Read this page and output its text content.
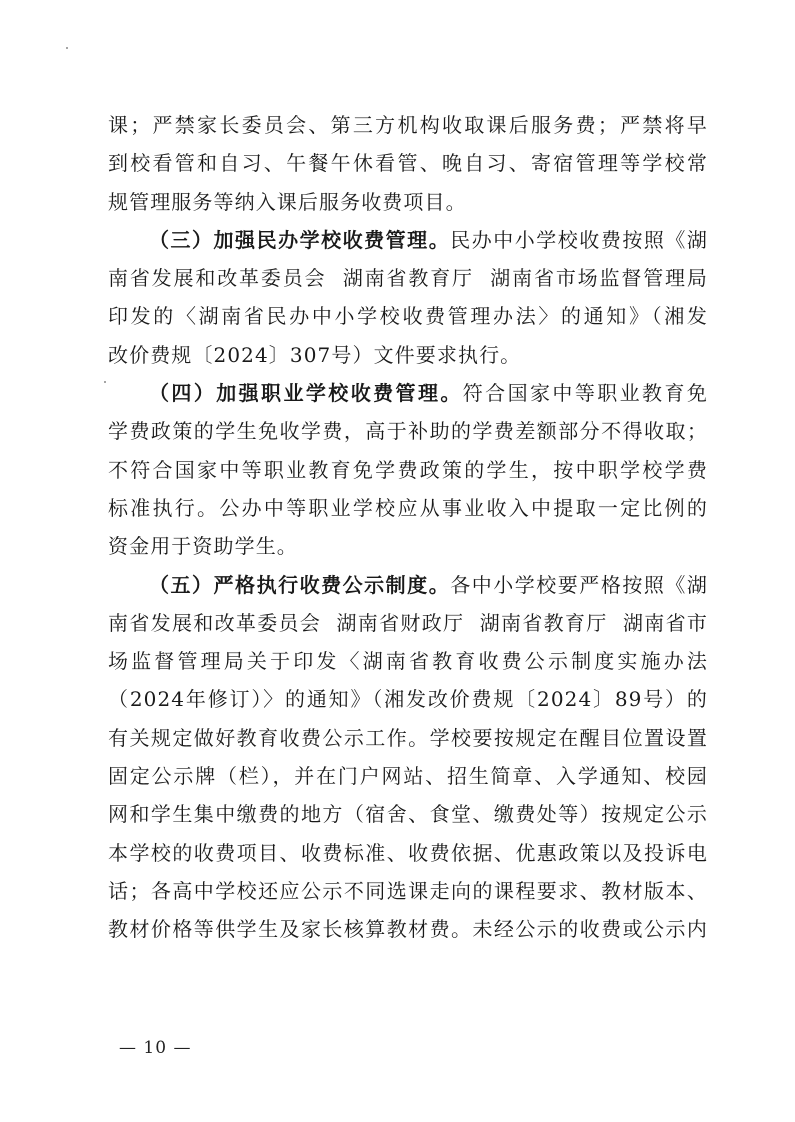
课；严禁家长委员会、第三方机构收取课后服务费；严禁将早
到校看管和自习、午餐午休看管、晚自习、寄宿管理等学校常
规管理服务等纳入课后服务收费项目。
（三）加强民办学校收费管理。民办中小学校收费按照《湖
南省发展和改革委员会  湖南省教育厅  湖南省市场监督管理局
印发的〈湖南省民办中小学校收费管理办法〉的通知》（湘发
改价费规〔2024〕307号）文件要求执行。
（四）加强职业学校收费管理。符合国家中等职业教育免
学费政策的学生免收学费，高于补助的学费差额部分不得收取；
不符合国家中等职业教育免学费政策的学生，按中职学校学费
标准执行。公办中等职业学校应从事业收入中提取一定比例的
资金用于资助学生。
（五）严格执行收费公示制度。各中小学校要严格按照《湖
南省发展和改革委员会  湖南省财政厅  湖南省教育厅  湖南省市
场监督管理局关于印发〈湖南省教育收费公示制度实施办法
（2024年修订）〉的通知》（湘发改价费规〔2024〕89号）的
有关规定做好教育收费公示工作。学校要按规定在醒目位置设置
固定公示牌（栏），并在门户网站、招生简章、入学通知、校园
网和学生集中缴费的地方（宿舍、食堂、缴费处等）按规定公示
本学校的收费项目、收费标准、收费依据、优惠政策以及投诉电
话；各高中学校还应公示不同选课走向的课程要求、教材版本、
教材价格等供学生及家长核算教材费。未经公示的收费或公示内
— 10 —
